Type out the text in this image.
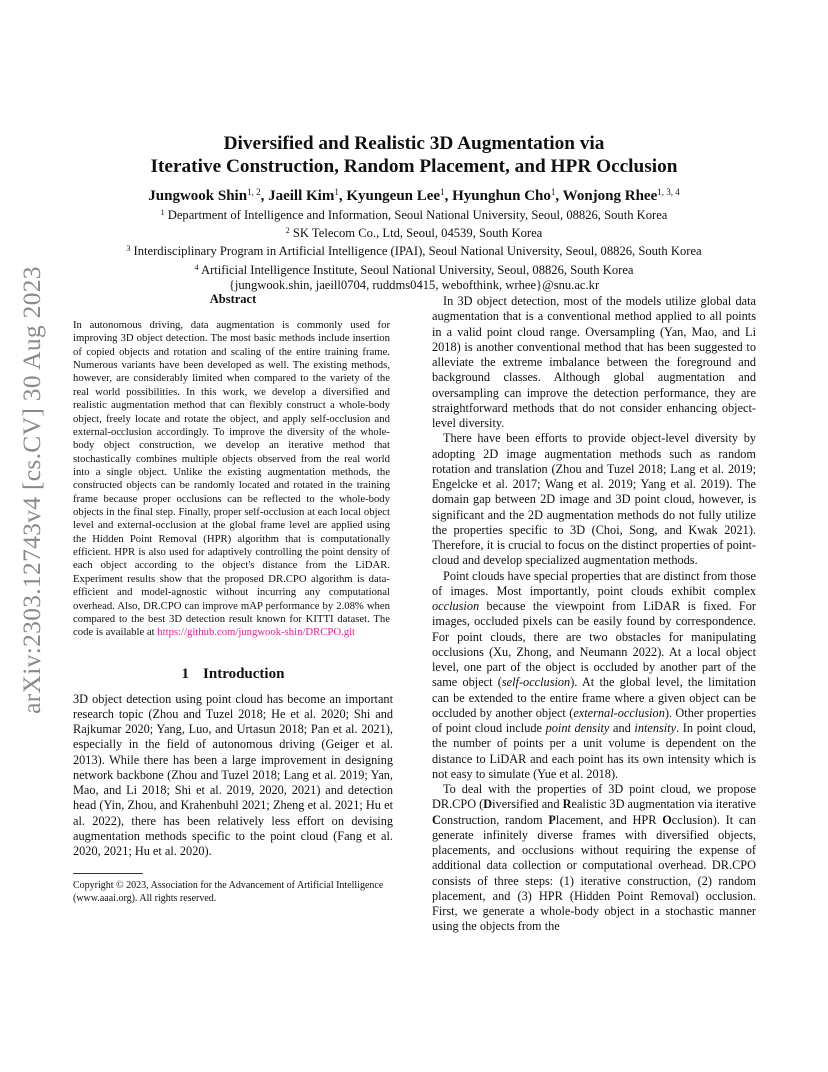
arXiv:2303.12743v4 [cs.CV] 30 Aug 2023
Diversified and Realistic 3D Augmentation via
Iterative Construction, Random Placement, and HPR Occlusion
Jungwook Shin$^{1, 2}$, Jaeill Kim$^1$, Kyungeun Lee$^1$, Hyunghun Cho$^1$, Wonjong Rhee$^{1, 3, 4}$
$^1$ Department of Intelligence and Information, Seoul National University, Seoul, 08826, South Korea
$^2$ SK Telecom Co., Ltd, Seoul, 04539, South Korea
$^3$ Interdisciplinary Program in Artificial Intelligence (IPAI), Seoul National University, Seoul, 08826, South Korea
$^4$ Artificial Intelligence Institute, Seoul National University, Seoul, 08826, South Korea
{jungwook.shin, jaeill0704, ruddms0415, webofthink, wrhee}@snu.ac.kr
Abstract

In autonomous driving, data augmentation is commonly used for improving 3D object detection. The most basic methods include insertion of copied objects and rotation and scaling of the entire training frame. Numerous variants have been developed as well. The existing methods, however, are considerably limited when compared to the variety of the real world possibilities. In this work, we develop a diversified and realistic augmentation method that can flexibly construct a whole-body object, freely locate and rotate the object, and apply self-occlusion and external-occlusion accordingly. To improve the diversity of the whole-body object construction, we develop an iterative method that stochastically combines multiple objects observed from the real world into a single object. Unlike the existing augmentation methods, the constructed objects can be randomly located and rotated in the training frame because proper occlusions can be reflected to the whole-body objects in the final step. Finally, proper self-occlusion at each local object level and external-occlusion at the global frame level are applied using the Hidden Point Removal (HPR) algorithm that is computationally efficient. HPR is also used for adaptively controlling the point density of each object according to the object's distance from the LiDAR. Experiment results show that the proposed DR.CPO algorithm is data-efficient and model-agnostic without incurring any computational overhead. Also, DR.CPO can improve mAP performance by 2.08% when compared to the best 3D detection result known for KITTI dataset. The code is available at https://github.com/jungwook-shin/DRCPO.git

1 Introduction

3D object detection using point cloud has become an important research topic (Zhou and Tuzel 2018; He et al. 2020; Shi and Rajkumar 2020; Yang, Luo, and Urtasun 2018; Pan et al. 2021), especially in the field of autonomous driving (Geiger et al. 2013). While there has been a large improvement in designing network backbone (Zhou and Tuzel 2018; Lang et al. 2019; Yan, Mao, and Li 2018; Shi et al. 2019, 2020, 2021) and detection head (Yin, Zhou, and Krahenbuhl 2021; Zheng et al. 2021; Hu et al. 2022), there has been relatively less effort on devising augmentation methods specific to the point cloud (Fang et al. 2020, 2021; Hu et al. 2020).

Copyright © 2023, Association for the Advancement of Artificial Intelligence (www.aaai.org). All rights reserved.

In 3D object detection, most of the models utilize global data augmentation that is a conventional method applied to all points in a valid point cloud range. Oversampling (Yan, Mao, and Li 2018) is another conventional method that has been suggested to alleviate the extreme imbalance between the foreground and background classes. Although global augmentation and oversampling can improve the detection performance, they are straightforward methods that do not consider enhancing object-level diversity.

There have been efforts to provide object-level diversity by adopting 2D image augmentation methods such as random rotation and translation (Zhou and Tuzel 2018; Lang et al. 2019; Engelcke et al. 2017; Wang et al. 2019; Yang et al. 2019). The domain gap between 2D image and 3D point cloud, however, is significant and the 2D augmentation methods do not fully utilize the properties specific to 3D (Choi, Song, and Kwak 2021). Therefore, it is crucial to focus on the distinct properties of point-cloud and develop specialized augmentation methods.

Point clouds have special properties that are distinct from those of images. Most importantly, point clouds exhibit complex occlusion because the viewpoint from LiDAR is fixed. For images, occluded pixels can be easily found by correspondence. For point clouds, there are two obstacles for manipulating occlusions (Xu, Zhong, and Neumann 2022). At a local object level, one part of the object is occluded by another part of the same object (self-occlusion). At the global level, the limitation can be extended to the entire frame where a given object can be occluded by another object (external-occlusion). Other properties of point cloud include point density and intensity. In point cloud, the number of points per a unit volume is dependent on the distance to LiDAR and each point has its own intensity which is not easy to simulate (Yue et al. 2018).

To deal with the properties of 3D point cloud, we propose DR.CPO (Diversified and Realistic 3D augmentation via iterative Construction, random Placement, and HPR Occlusion). It can generate infinitely diverse frames with diversified objects, placements, and occlusions without requiring the expense of additional data collection or computational overhead. DR.CPO consists of three steps: (1) iterative construction, (2) random placement, and (3) HPR (Hidden Point Removal) occlusion. First, we generate a whole-body object in a stochastic manner using the objects from the
